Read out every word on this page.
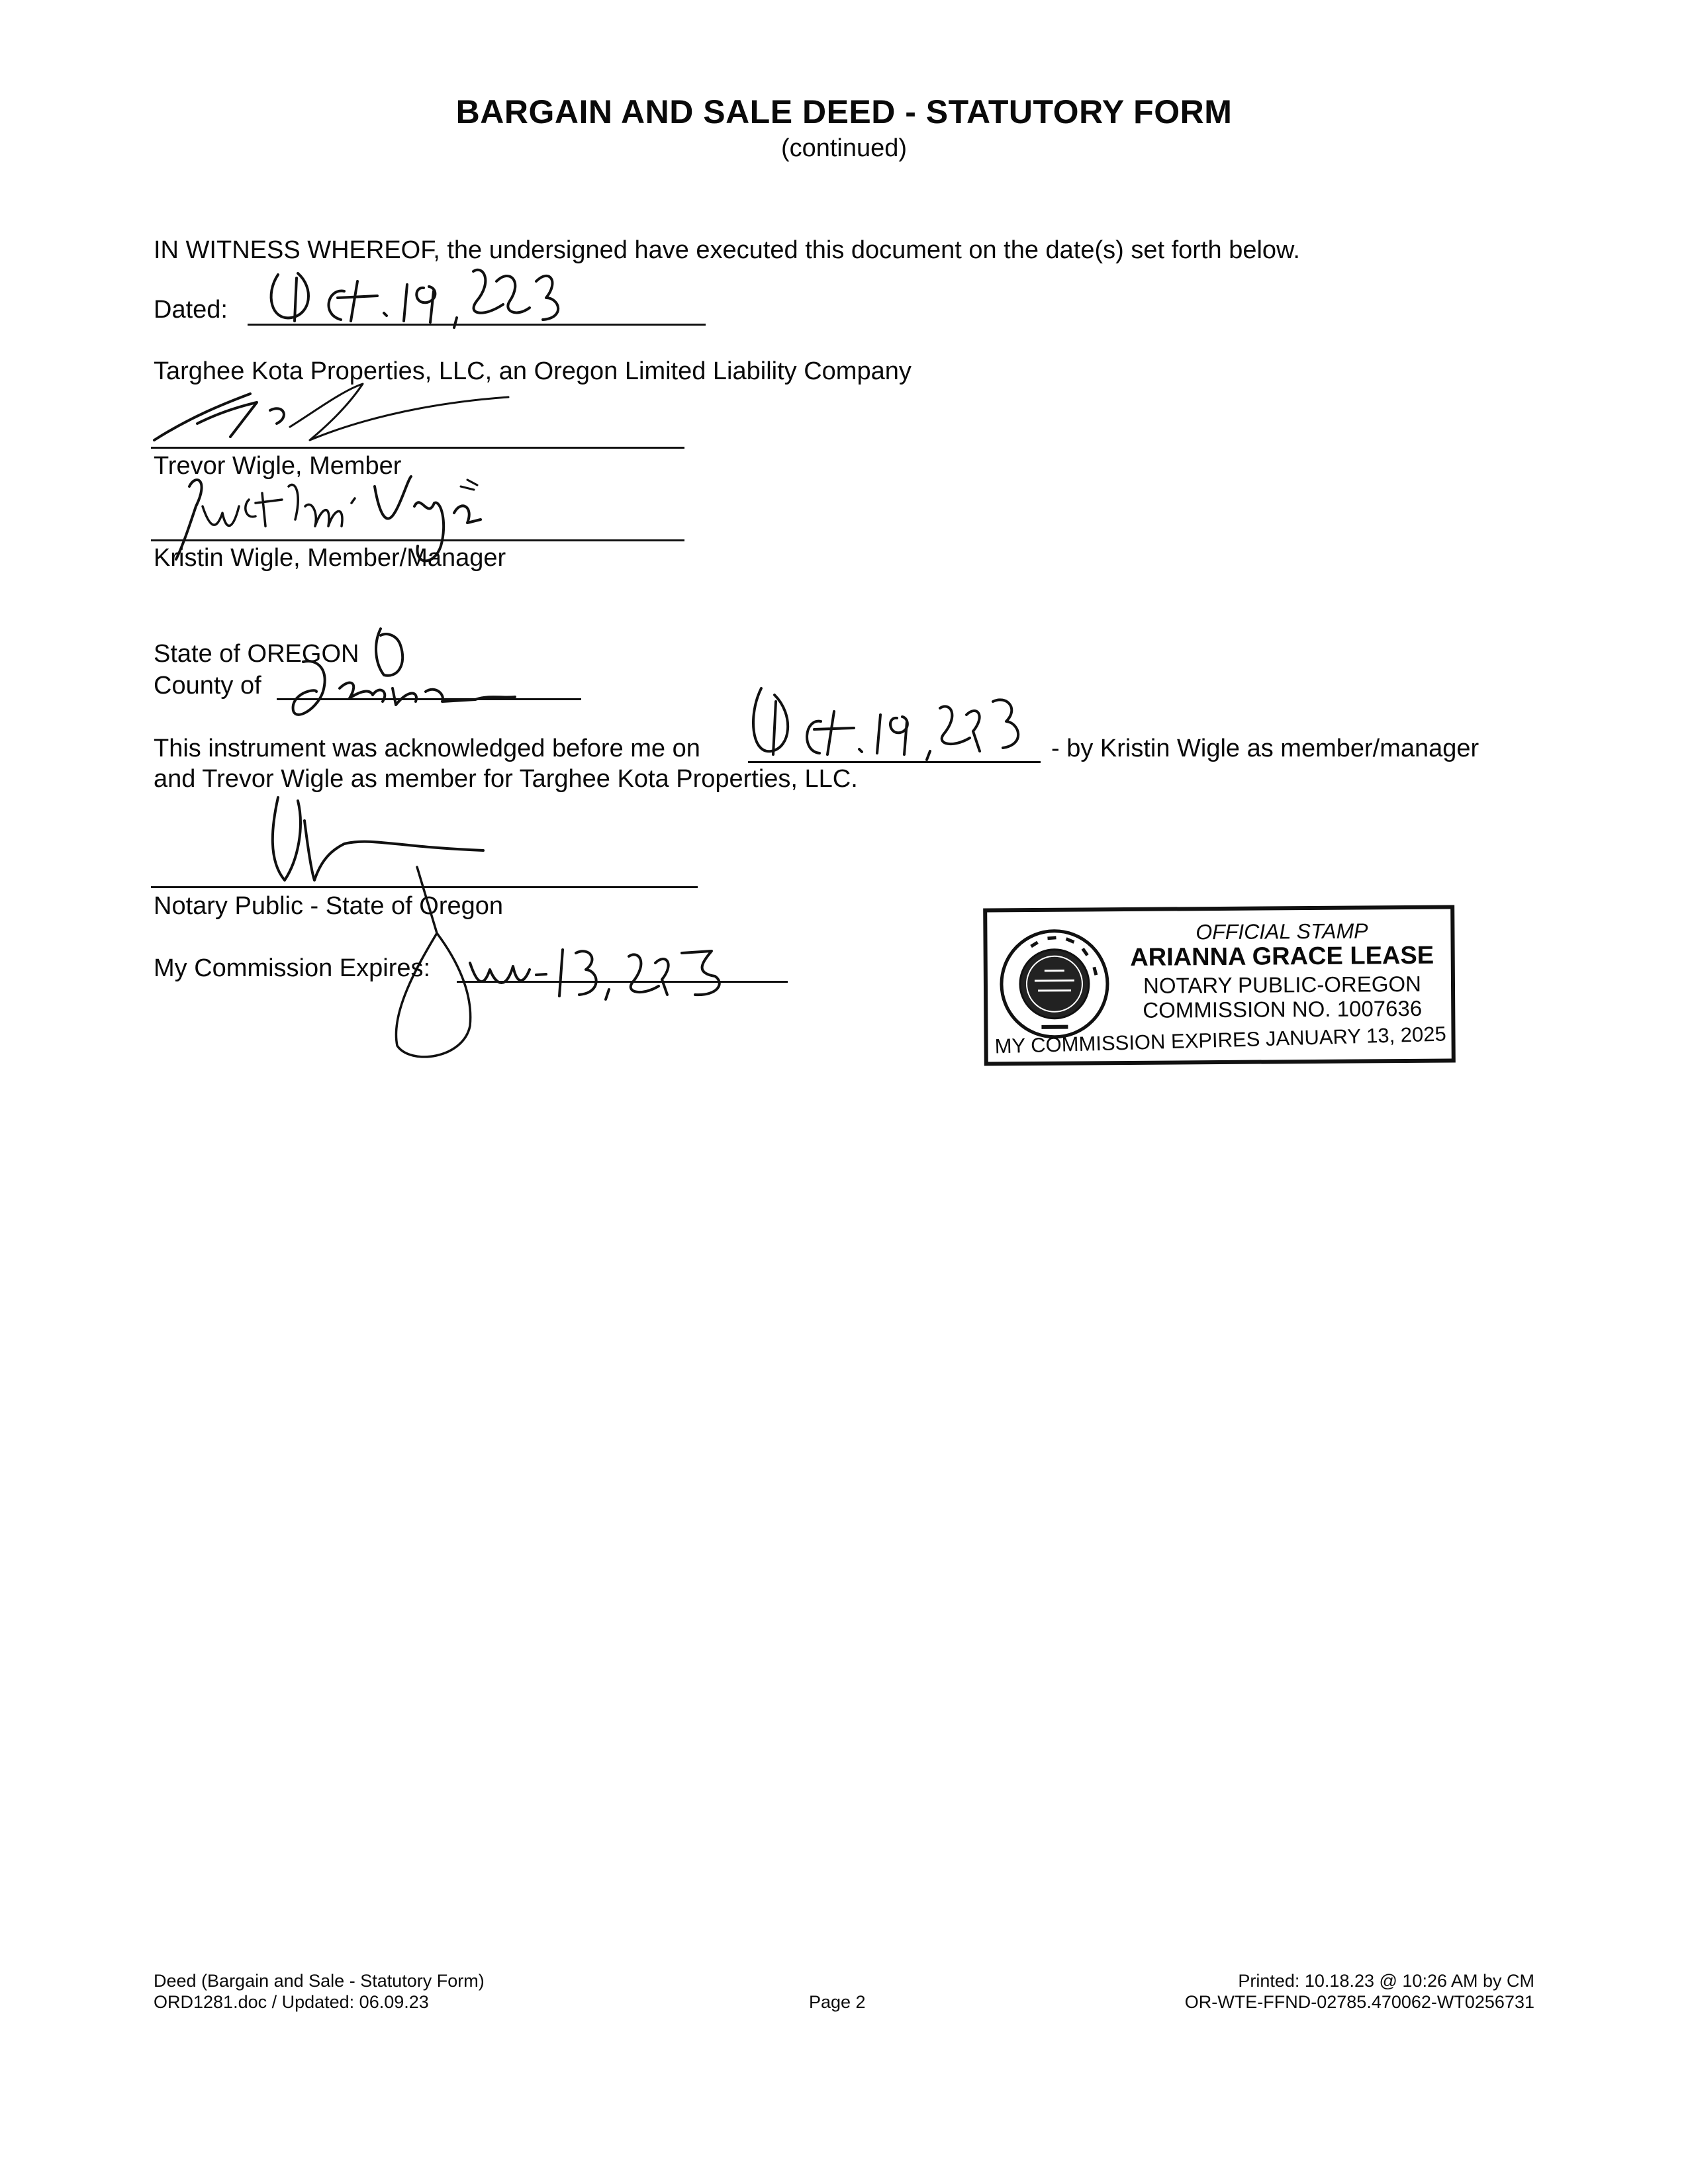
BARGAIN AND SALE DEED - STATUTORY FORM
(continued)
IN WITNESS WHEREOF, the undersigned have executed this document on the date(s) set forth below.
Dated:
Targhee Kota Properties, LLC, an Oregon Limited Liability Company
Trevor Wigle, Member
Kristin Wigle, Member/Manager
State of OREGON
County of
This instrument was acknowledged before me on	- by Kristin Wigle as member/manager
and Trevor Wigle as member for Targhee Kota Properties, LLC.
Notary Public - State of Oregon
My Commission Expires:
OFFICIAL STAMP
ARIANNA GRACE LEASE
NOTARY PUBLIC-OREGON
COMMISSION NO. 1007636
MY COMMISSION EXPIRES JANUARY 13, 2025
Deed (Bargain and Sale - Statutory Form)
ORD1281.doc / Updated: 06.09.23	Page 2
Printed: 10.18.23 @ 10:26 AM by CM
OR-WTE-FFND-02785.470062-WT0256731
